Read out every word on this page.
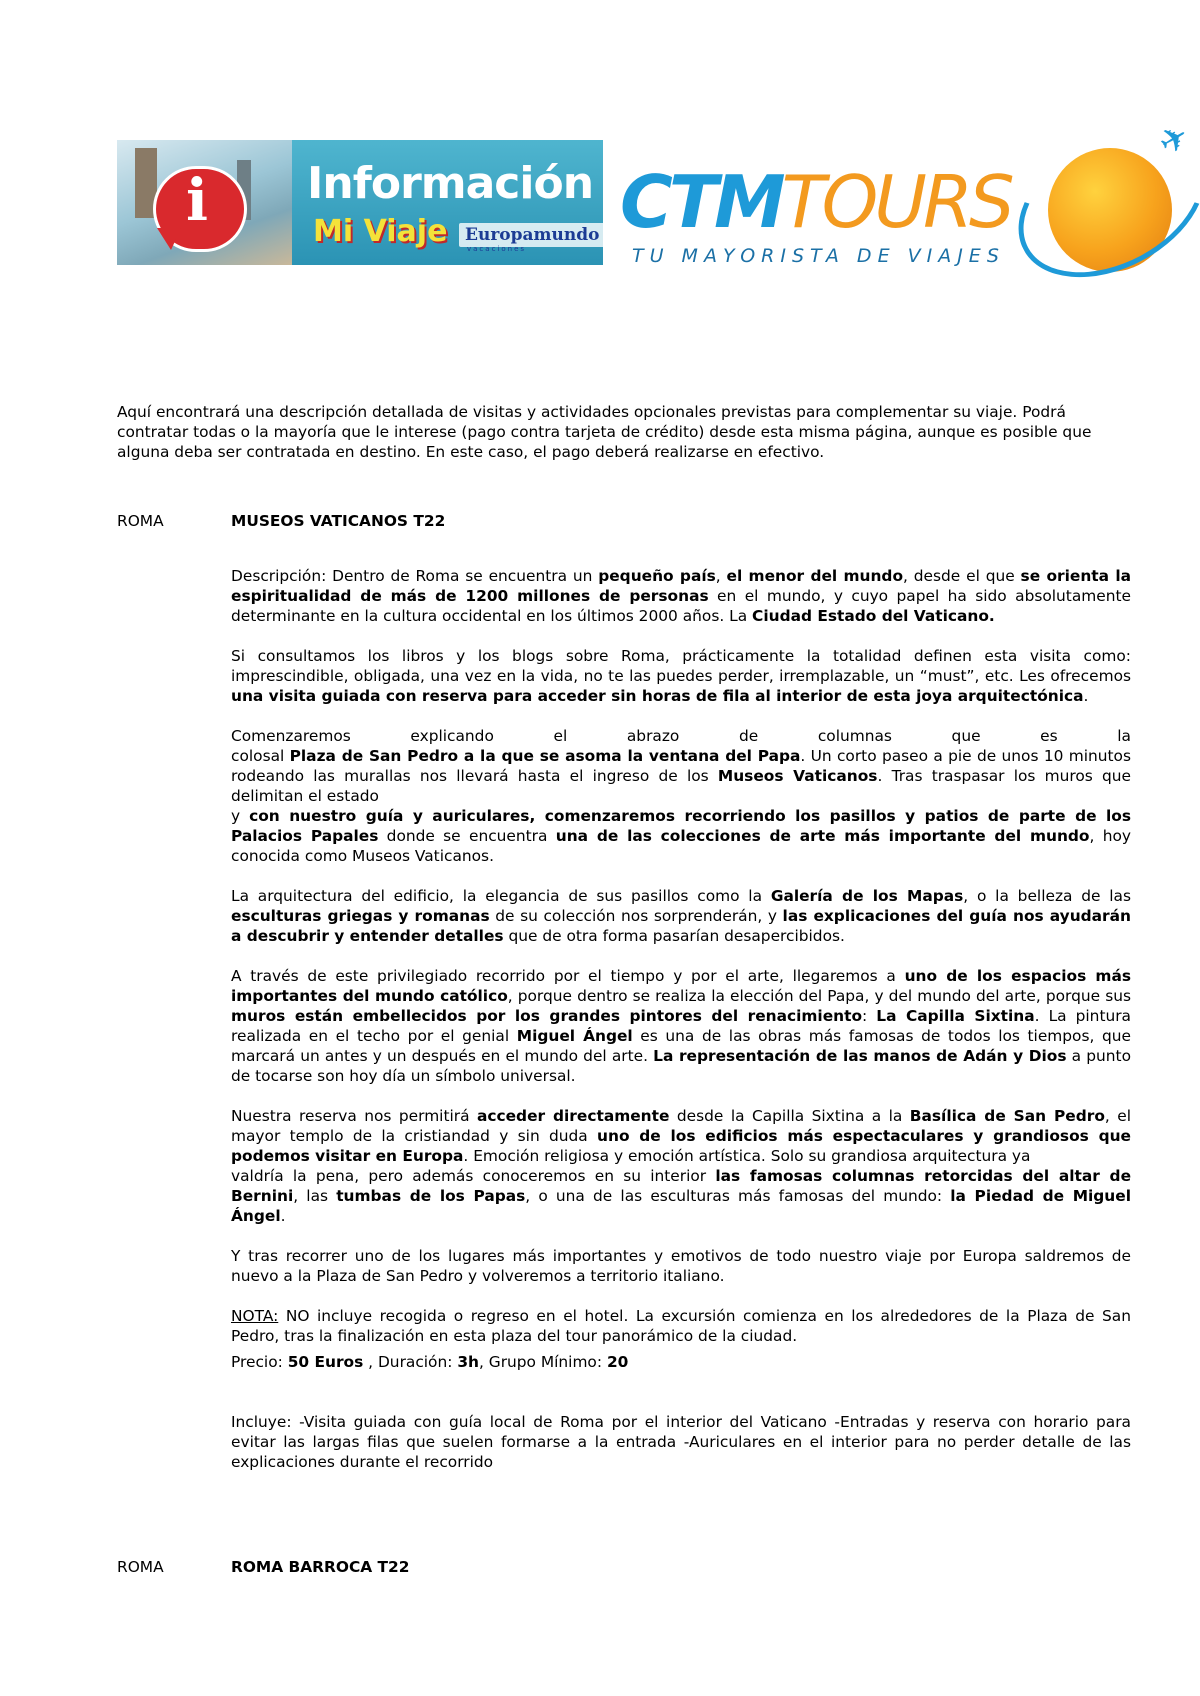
i	Información
Mi Viaje	Europamundo
vacaciones
✈
CTMTOURS
TU MAYORISTA DE VIAJES

Aquí encontrará una descripción detallada de visitas y actividades opcionales previstas para complementar su viaje. Podrá contratar todas o la mayoría que le interese (pago contra tarjeta de crédito) desde esta misma página, aunque es posible que alguna deba ser contratada en destino. En este caso, el pago deberá realizarse en efectivo.

ROMA	MUSEOS VATICANOS T22

Descripción: Dentro de Roma se encuentra un pequeño país, el menor del mundo, desde el que se orienta la espiritualidad de más de 1200 millones de personas en el mundo, y cuyo papel ha sido absolutamente determinante en la cultura occidental en los últimos 2000 años. La Ciudad Estado del Vaticano.

Si consultamos los libros y los blogs sobre Roma, prácticamente la totalidad definen esta visita como: imprescindible, obligada, una vez en la vida, no te las puedes perder, irremplazable, un “must”, etc. Les ofrecemos una visita guiada con reserva para acceder sin horas de fila al interior de esta joya arquitectónica.

Comenzaremos explicando el abrazo de columnas que es la

colosal Plaza de San Pedro a la que se asoma la ventana del Papa. Un corto paseo a pie de unos 10 minutos rodeando las murallas nos llevará hasta el ingreso de los Museos Vaticanos. Tras traspasar los muros que delimitan el estado

y con nuestro guía y auriculares, comenzaremos recorriendo los pasillos y patios de parte de los Palacios Papales donde se encuentra una de las colecciones de arte más importante del mundo, hoy conocida como Museos Vaticanos.

La arquitectura del edificio, la elegancia de sus pasillos como la Galería de los Mapas, o la belleza de las esculturas griegas y romanas de su colección nos sorprenderán, y las explicaciones del guía nos ayudarán a descubrir y entender detalles que de otra forma pasarían desapercibidos.

A través de este privilegiado recorrido por el tiempo y por el arte, llegaremos a uno de los espacios más importantes del mundo católico, porque dentro se realiza la elección del Papa, y del mundo del arte, porque sus muros están embellecidos por los grandes pintores del renacimiento: La Capilla Sixtina. La pintura realizada en el techo por el genial Miguel Ángel es una de las obras más famosas de todos los tiempos, que marcará un antes y un después en el mundo del arte. La representación de las manos de Adán y Dios a punto de tocarse son hoy día un símbolo universal.

Nuestra reserva nos permitirá acceder directamente desde la Capilla Sixtina a la Basílica de San Pedro, el mayor templo de la cristiandad y sin duda uno de los edificios más espectaculares y grandiosos que podemos visitar en Europa. Emoción religiosa y emoción artística. Solo su grandiosa arquitectura ya

valdría la pena, pero además conoceremos en su interior las famosas columnas retorcidas del altar de Bernini, las tumbas de los Papas, o una de las esculturas más famosas del mundo: la Piedad de Miguel Ángel.

Y tras recorrer uno de los lugares más importantes y emotivos de todo nuestro viaje por Europa saldremos de nuevo a la Plaza de San Pedro y volveremos a territorio italiano.

NOTA: NO incluye recogida o regreso en el hotel. La excursión comienza en los alrededores de la Plaza de San Pedro, tras la finalización en esta plaza del tour panorámico de la ciudad.

Precio: 50 Euros , Duración: 3h, Grupo Mínimo: 20

Incluye: -Visita guiada con guía local de Roma por el interior del Vaticano -Entradas y reserva con horario para evitar las largas filas que suelen formarse a la entrada -Auriculares en el interior para no perder detalle de las explicaciones durante el recorrido

ROMA	ROMA BARROCA T22
